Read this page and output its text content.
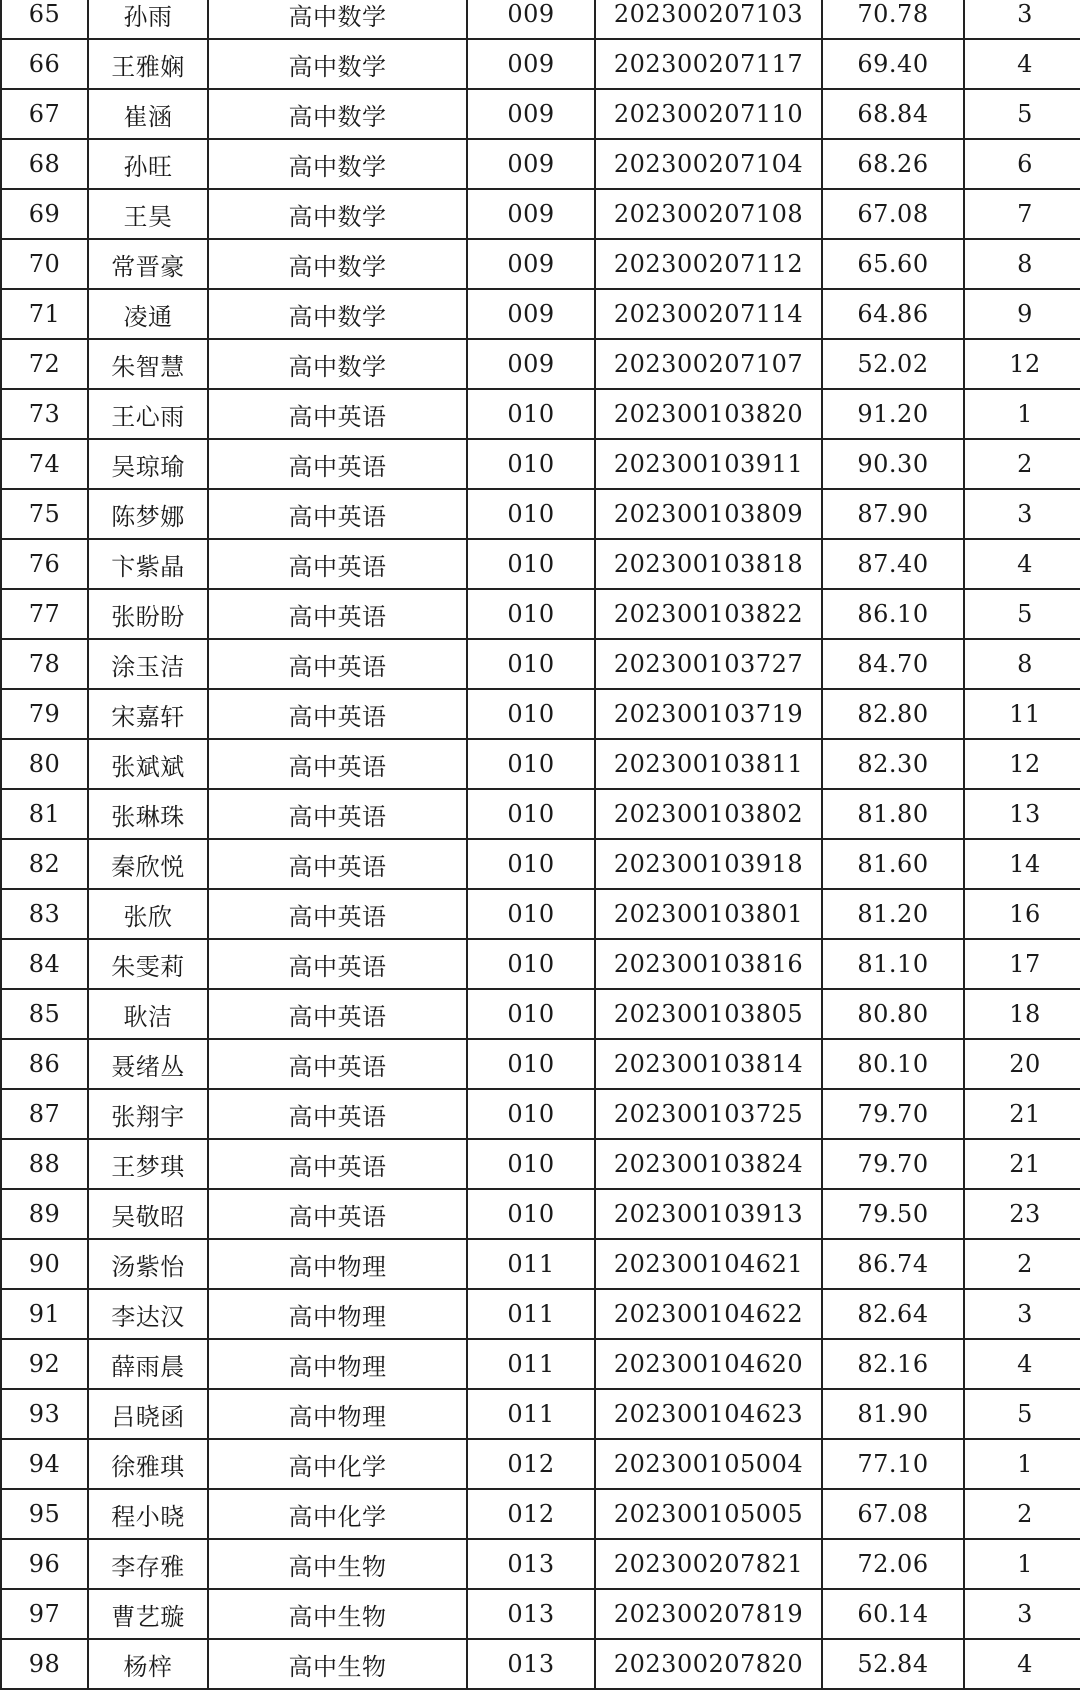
65	孙雨	高中数学	009	202300207103	70.78	3
66	王雅娴	高中数学	009	202300207117	69.40	4
67	崔涵	高中数学	009	202300207110	68.84	5
68	孙旺	高中数学	009	202300207104	68.26	6
69	王昊	高中数学	009	202300207108	67.08	7
70	常晋豪	高中数学	009	202300207112	65.60	8
71	凌通	高中数学	009	202300207114	64.86	9
72	朱智慧	高中数学	009	202300207107	52.02	12
73	王心雨	高中英语	010	202300103820	91.20	1
74	吴琼瑜	高中英语	010	202300103911	90.30	2
75	陈梦娜	高中英语	010	202300103809	87.90	3
76	卞紫晶	高中英语	010	202300103818	87.40	4
77	张盼盼	高中英语	010	202300103822	86.10	5
78	涂玉洁	高中英语	010	202300103727	84.70	8
79	宋嘉轩	高中英语	010	202300103719	82.80	11
80	张斌斌	高中英语	010	202300103811	82.30	12
81	张琳珠	高中英语	010	202300103802	81.80	13
82	秦欣悦	高中英语	010	202300103918	81.60	14
83	张欣	高中英语	010	202300103801	81.20	16
84	朱雯莉	高中英语	010	202300103816	81.10	17
85	耿洁	高中英语	010	202300103805	80.80	18
86	聂绪丛	高中英语	010	202300103814	80.10	20
87	张翔宇	高中英语	010	202300103725	79.70	21
88	王梦琪	高中英语	010	202300103824	79.70	21
89	吴敬昭	高中英语	010	202300103913	79.50	23
90	汤紫怡	高中物理	011	202300104621	86.74	2
91	李达汉	高中物理	011	202300104622	82.64	3
92	薛雨晨	高中物理	011	202300104620	82.16	4
93	吕晓函	高中物理	011	202300104623	81.90	5
94	徐雅琪	高中化学	012	202300105004	77.10	1
95	程小晓	高中化学	012	202300105005	67.08	2
96	李存雅	高中生物	013	202300207821	72.06	1
97	曹艺璇	高中生物	013	202300207819	60.14	3
98	杨梓	高中生物	013	202300207820	52.84	4
